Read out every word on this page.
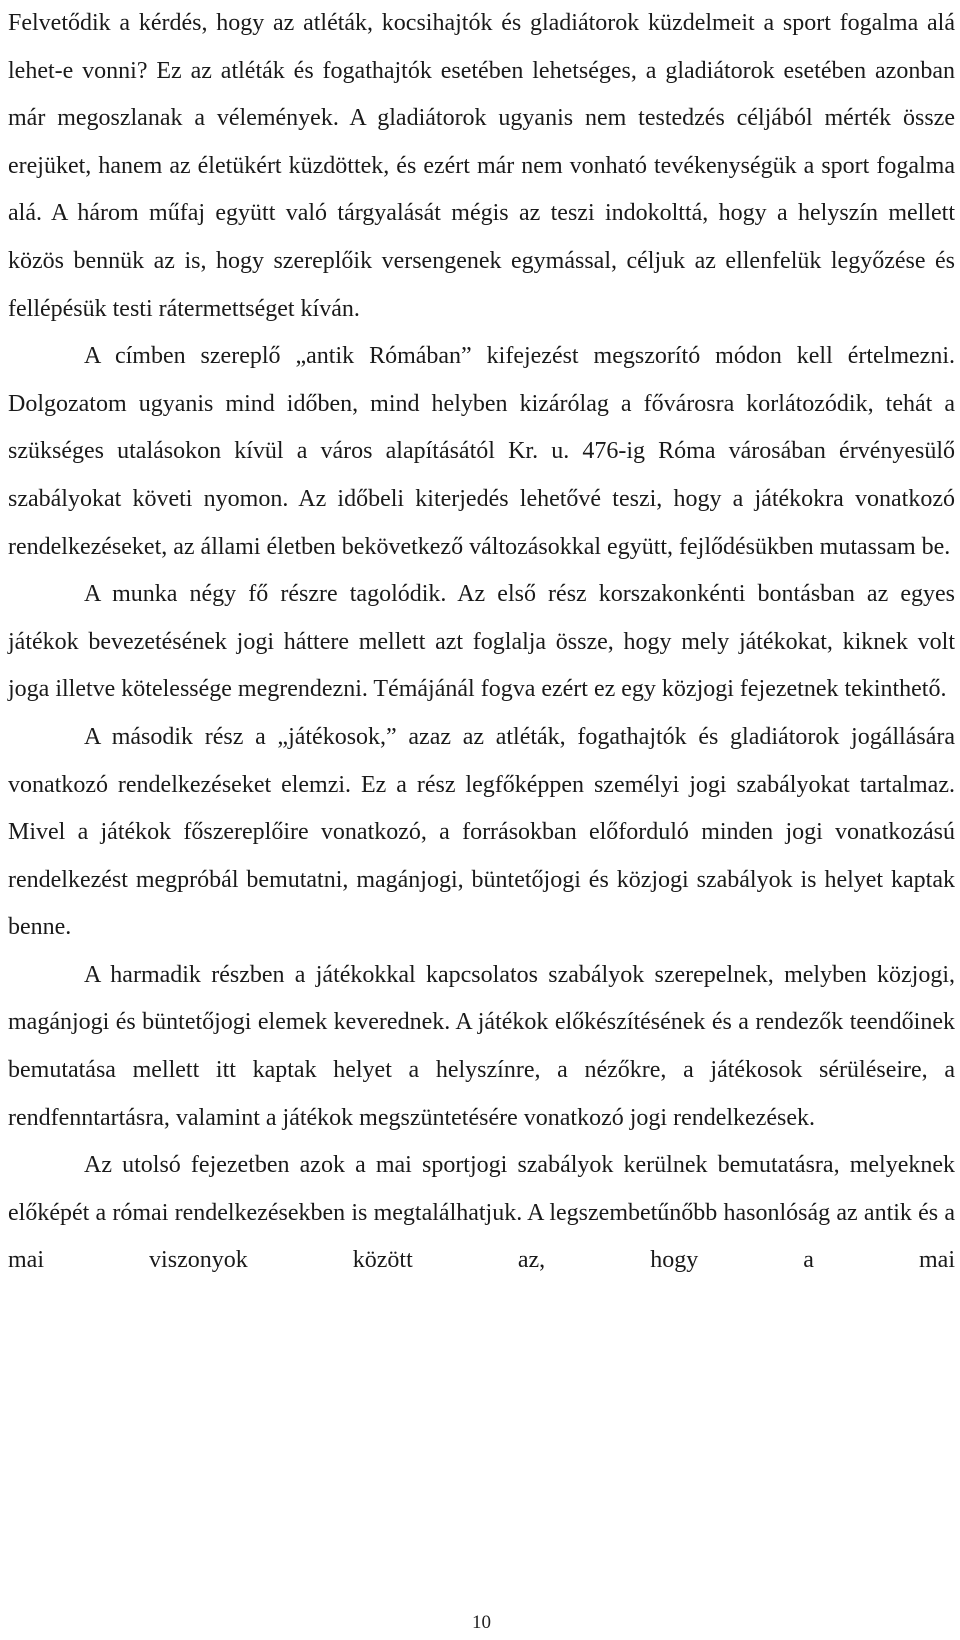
Felvetődik a kérdés, hogy az atléták, kocsihajtók és gladiátorok küzdelmeit a sport fogalma alá lehet-e vonni? Ez az atléták és fogathajtók esetében lehetséges, a gladiátorok esetében azonban már megoszlanak a vélemények. A gladiátorok ugyanis nem testedzés céljából mérték össze erejüket, hanem az életükért küzdöttek, és ezért már nem vonható tevékenységük a sport fogalma alá. A három műfaj együtt való tárgyalását mégis az teszi indokolttá, hogy a helyszín mellett közös bennük az is, hogy szereplőik versengenek egymással, céljuk az ellenfelük legyőzése és fellépésük testi rátermettséget kíván.

A címben szereplő „antik Rómában” kifejezést megszorító módon kell értelmezni. Dolgozatom ugyanis mind időben, mind helyben kizárólag a fővárosra korlátozódik, tehát a szükséges utalásokon kívül a város alapításától Kr. u. 476-ig Róma városában érvényesülő szabályokat követi nyomon. Az időbeli kiterjedés lehetővé teszi, hogy a játékokra vonatkozó rendelkezéseket, az állami életben bekövetkező változásokkal együtt, fejlődésükben mutassam be.

A munka négy fő részre tagolódik. Az első rész korszakonkénti bontásban az egyes játékok bevezetésének jogi háttere mellett azt foglalja össze, hogy mely játékokat, kiknek volt joga illetve kötelessége megrendezni. Témájánál fogva ezért ez egy közjogi fejezetnek tekinthető.

A második rész a „játékosok,” azaz az atléták, fogathajtók és gladiátorok jogállására vonatkozó rendelkezéseket elemzi. Ez a rész legfőképpen személyi jogi szabályokat tartalmaz. Mivel a játékok főszereplőire vonatkozó, a forrásokban előforduló minden jogi vonatkozású rendelkezést megpróbál bemutatni, magánjogi, büntetőjogi és közjogi szabályok is helyet kaptak benne.

A harmadik részben a játékokkal kapcsolatos szabályok szerepelnek, melyben közjogi, magánjogi és büntetőjogi elemek keverednek. A játékok előkészítésének és a rendezők teendőinek bemutatása mellett itt kaptak helyet a helyszínre, a nézőkre, a játékosok sérüléseire, a rendfenntartásra, valamint a játékok megszüntetésére vonatkozó jogi rendelkezések.

Az utolsó fejezetben azok a mai sportjogi szabályok kerülnek bemutatásra, melyeknek előképét a római rendelkezésekben is megtalálhatjuk. A legszembetűnőbb hasonlóság az antik és a mai viszonyok között az, hogy a mai

10
